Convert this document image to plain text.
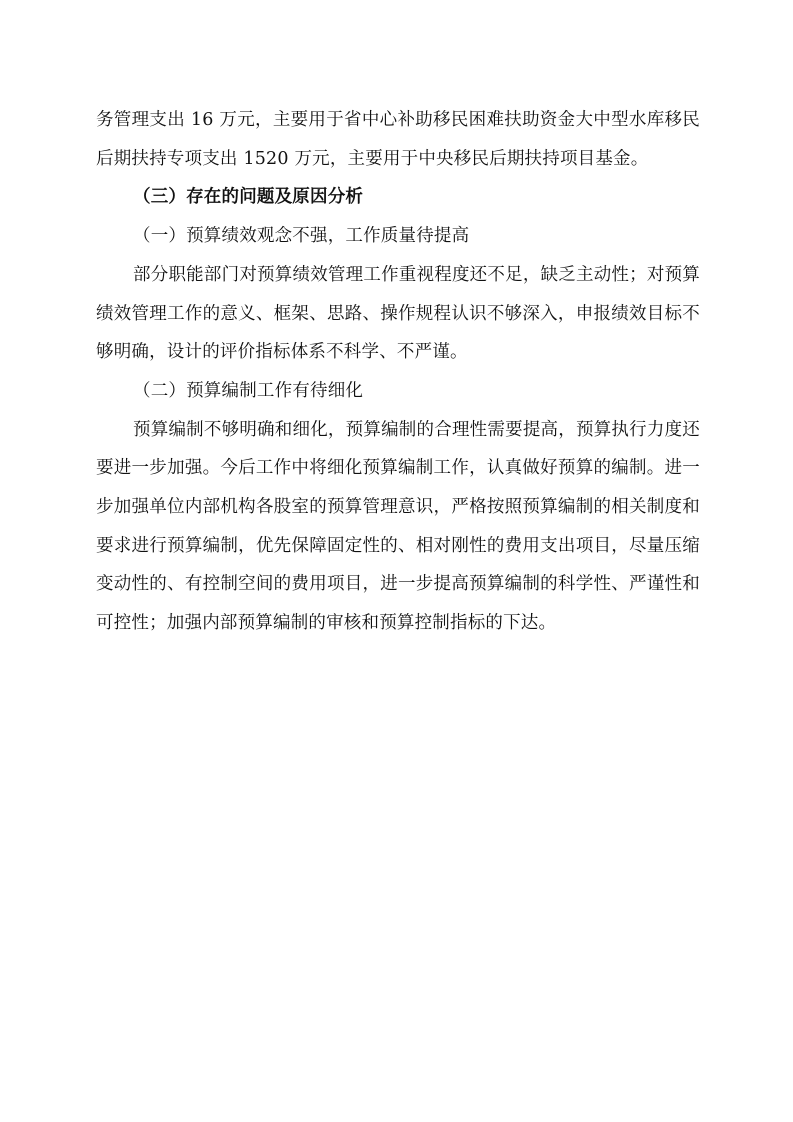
务管理支出 16 万元，主要用于省中心补助移民困难扶助资金大中型水库移民后期扶持专项支出 1520 万元，主要用于中央移民后期扶持项目基金。

（三）存在的问题及原因分析

（一）预算绩效观念不强，工作质量待提高

部分职能部门对预算绩效管理工作重视程度还不足，缺乏主动性；对预算绩效管理工作的意义、框架、思路、操作规程认识不够深入，申报绩效目标不够明确，设计的评价指标体系不科学、不严谨。

（二）预算编制工作有待细化

预算编制不够明确和细化，预算编制的合理性需要提高，预算执行力度还要进一步加强。今后工作中将细化预算编制工作，认真做好预算的编制。进一步加强单位内部机构各股室的预算管理意识，严格按照预算编制的相关制度和要求进行预算编制，优先保障固定性的、相对刚性的费用支出项目，尽量压缩变动性的、有控制空间的费用项目，进一步提高预算编制的科学性、严谨性和可控性；加强内部预算编制的审核和预算控制指标的下达。
